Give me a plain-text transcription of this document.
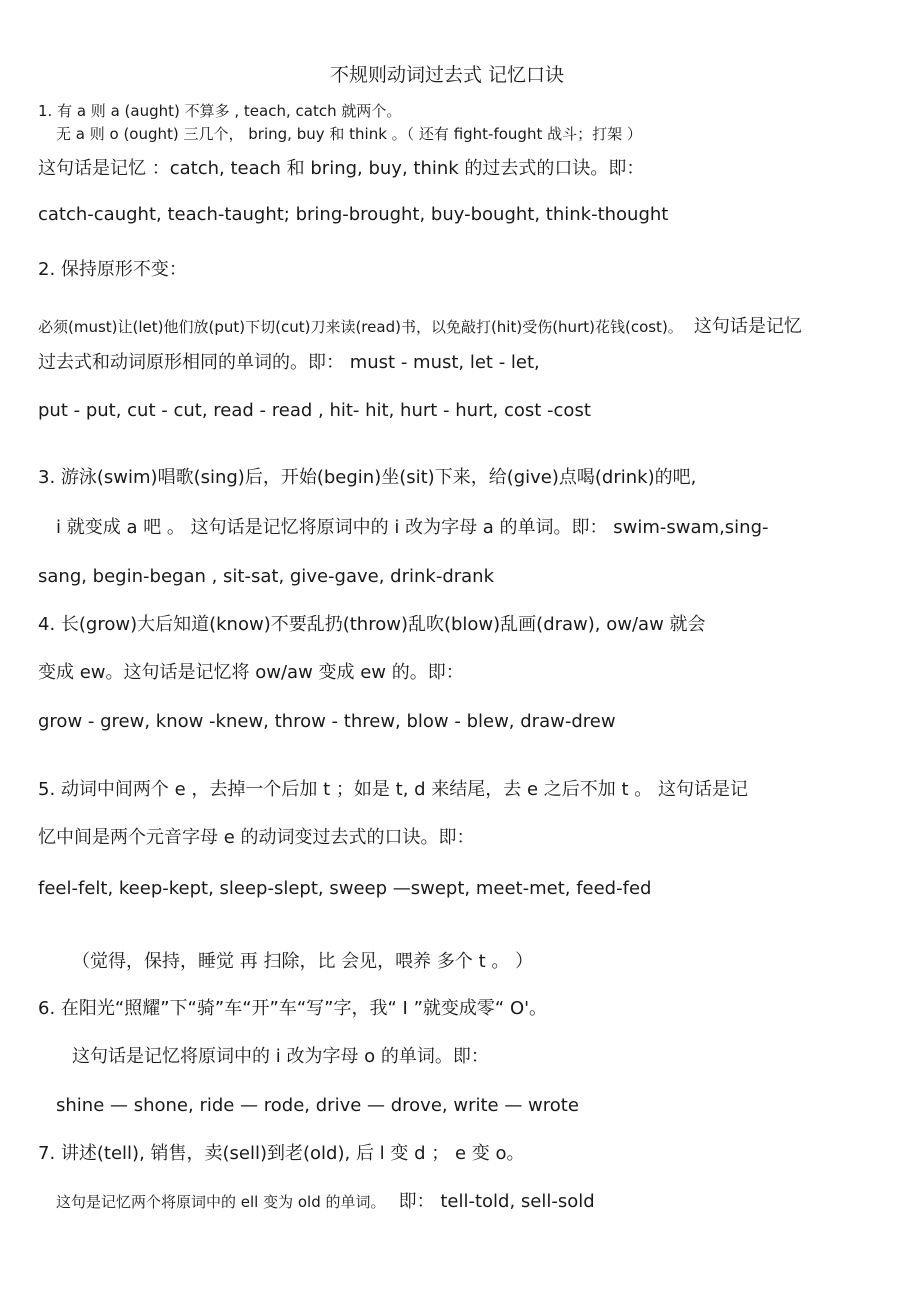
不规则动词过去式 记忆口诀
1. 有 a 则 a (aught) 不算多 , teach, catch 就两个。
无 a 则 o (ought) 三几个， bring, buy 和 think 。（ 还有 fight-fought 战斗；打架 ）
这句话是记忆 ：catch, teach 和 bring, buy, think 的过去式的口诀。即：
catch-caught, teach-taught; bring-brought, buy-bought, think-thought
2. 保持原形不变：
必须(must)让(let)他们放(put)下切(cut)刀来读(read)书，以免敲打(hit)受伤(hurt)花钱(cost)。 这句话是记忆
过去式和动词原形相同的单词的。即： must - must, let - let,
put - put, cut - cut, read - read , hit- hit, hurt - hurt, cost -cost
3. 游泳(swim)唱歌(sing)后，开始(begin)坐(sit)下来，给(give)点喝(drink)的吧,
i 就变成 a 吧 。 这句话是记忆将原词中的 i 改为字母 a 的单词。即： swim-swam,sing-
sang, begin-began , sit-sat, give-gave, drink-drank
4. 长(grow)大后知道(know)不要乱扔(throw)乱吹(blow)乱画(draw), ow/aw 就会
变成 ew。这句话是记忆将 ow/aw 变成 ew 的。即：
grow - grew, know -knew, throw - threw, blow - blew, draw-drew
5. 动词中间两个 e ，去掉一个后加 t ；如是 t, d 来结尾，去 e 之后不加 t 。 这句话是记
忆中间是两个元音字母 e 的动词变过去式的口诀。即：
feel-felt, keep-kept, sleep-slept, sweep —swept, meet-met, feed-fed
（觉得，保持，睡觉 再 扫除，比 会见，喂养 多个 t 。 ）
6. 在阳光“照耀”下“骑”车“开”车“写”字，我“ I ”就变成零“ O'。
这句话是记忆将原词中的 i 改为字母 o 的单词。即：
shine — shone, ride — rode, drive — drove, write — wrote
7. 讲述(tell), 销售，卖(sell)到老(old), 后 l 变 d ； e 变 o。
这句是记忆两个将原词中的 ell 变为 old 的单词。 即： tell-told, sell-sold
